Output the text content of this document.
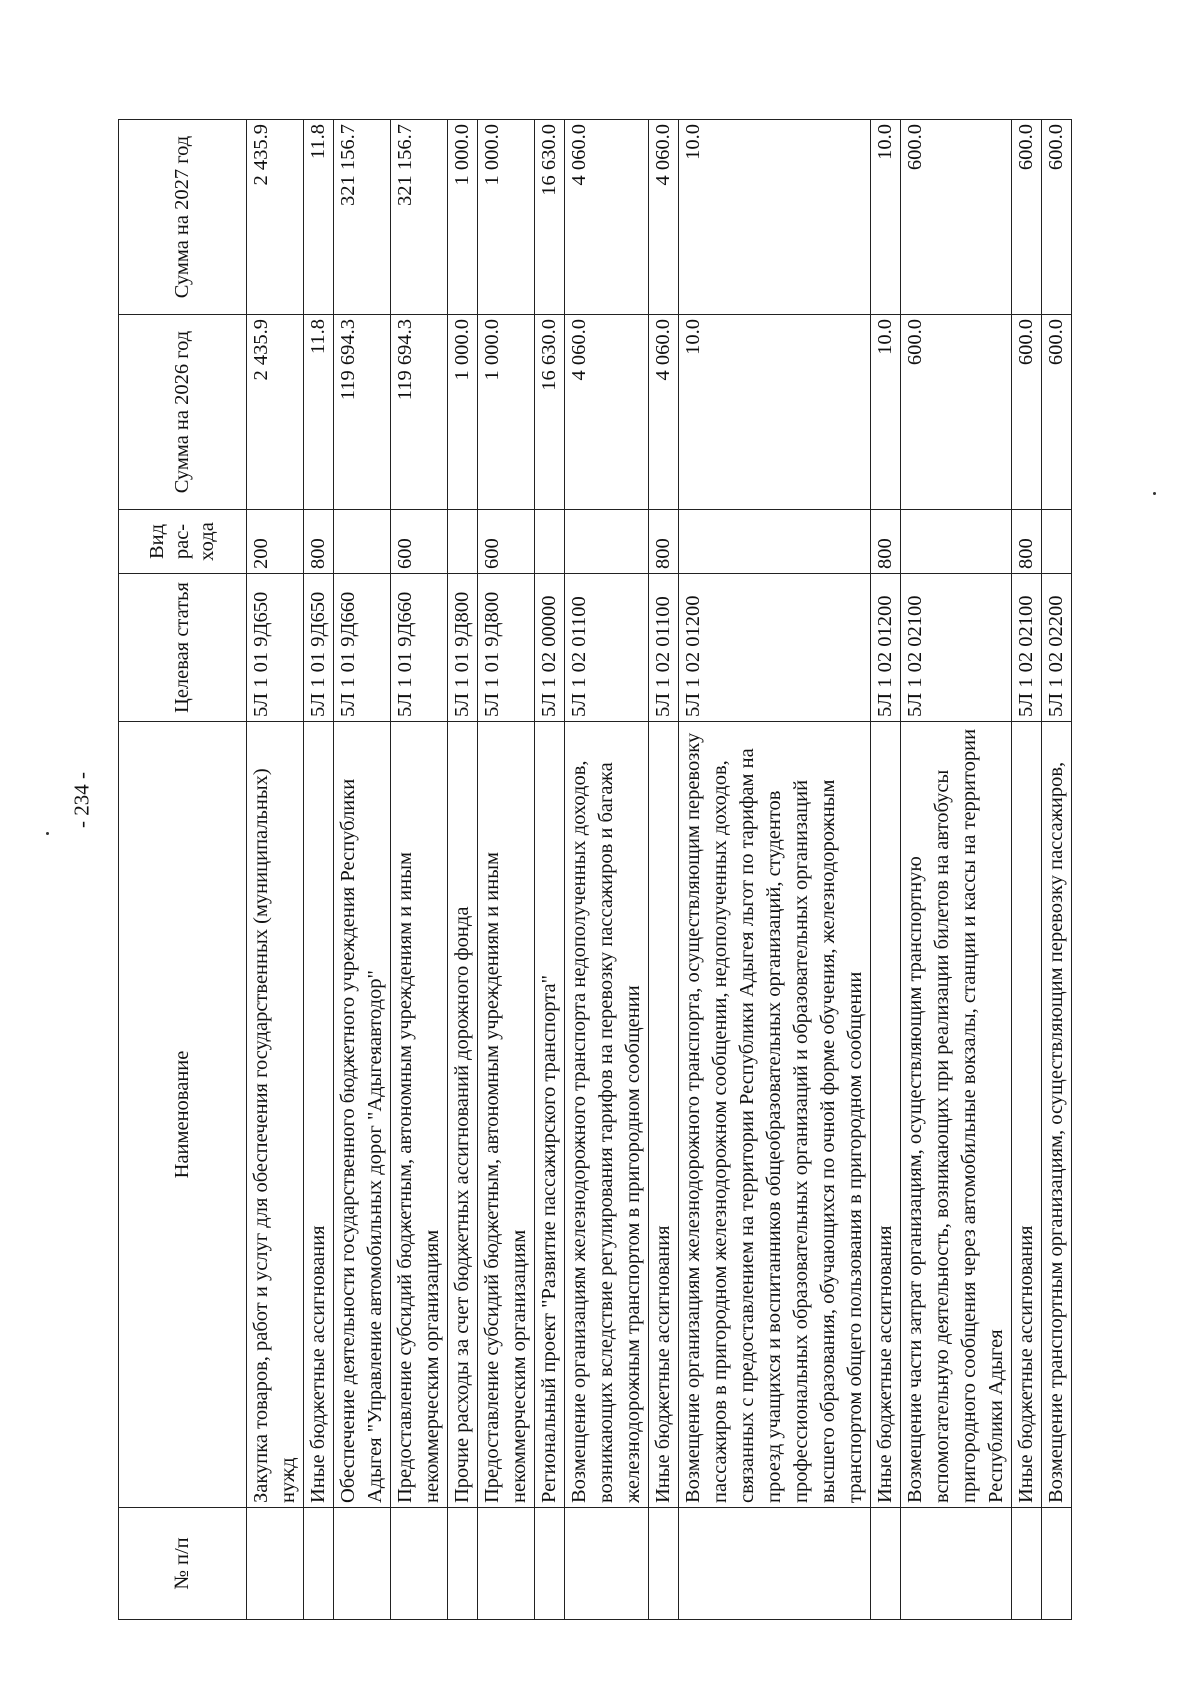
- 234 -
№ п/п	Наименование	Целевая статья	Вид рас-хода	Сумма на 2026 год	Сумма на 2027 год
	Закупка товаров, работ и услуг для обеспечения государственных (муниципальных) нужд	5Л 1 01 9Д650	200	2 435.9	2 435.9
	Иные бюджетные ассигнования	5Л 1 01 9Д650	800	11.8	11.8
	Обеспечение деятельности государственного бюджетного учреждения Республики Адыгея "Управление автомобильных дорог "Адыгеяавтодор"	5Л 1 01 9Д660		119 694.3	321 156.7
	Предоставление субсидий бюджетным, автономным учреждениям и иным некоммерческим организациям	5Л 1 01 9Д660	600	119 694.3	321 156.7
	Прочие расходы за счет бюджетных ассигнований дорожного фонда	5Л 1 01 9Д800		1 000.0	1 000.0
	Предоставление субсидий бюджетным, автономным учреждениям и иным некоммерческим организациям	5Л 1 01 9Д800	600	1 000.0	1 000.0
	Региональный проект "Развитие пассажирского транспорта"	5Л 1 02 00000		16 630.0	16 630.0
	Возмещение организациям железнодорожного транспорта недополученных доходов, возникающих вследствие регулирования тарифов на перевозку пассажиров и багажа железнодорожным транспортом в пригородном сообщении	5Л 1 02 01100		4 060.0	4 060.0
	Иные бюджетные ассигнования	5Л 1 02 01100	800	4 060.0	4 060.0
	Возмещение организациям железнодорожного транспорта, осуществляющим перевозку пассажиров в пригородном железнодорожном сообщении, недополученных доходов, связанных с предоставлением на территории Республики Адыгея льгот по тарифам на проезд учащихся и воспитанников общеобразовательных организаций, студентов профессиональных образовательных организаций и образовательных организаций высшего образования, обучающихся по очной форме обучения, железнодорожным транспортом общего пользования в пригородном сообщении	5Л 1 02 01200		10.0	10.0
	Иные бюджетные ассигнования	5Л 1 02 01200	800	10.0	10.0
	Возмещение части затрат организациям, осуществляющим транспортную вспомогательную деятельность, возникающих при реализации билетов на автобусы пригородного сообщения через автомобильные вокзалы, станции и кассы на территории Республики Адыгея	5Л 1 02 02100		600.0	600.0
	Иные бюджетные ассигнования	5Л 1 02 02100	800	600.0	600.0
	Возмещение транспортным организациям, осуществляющим перевозку пассажиров,	5Л 1 02 02200		600.0	600.0
